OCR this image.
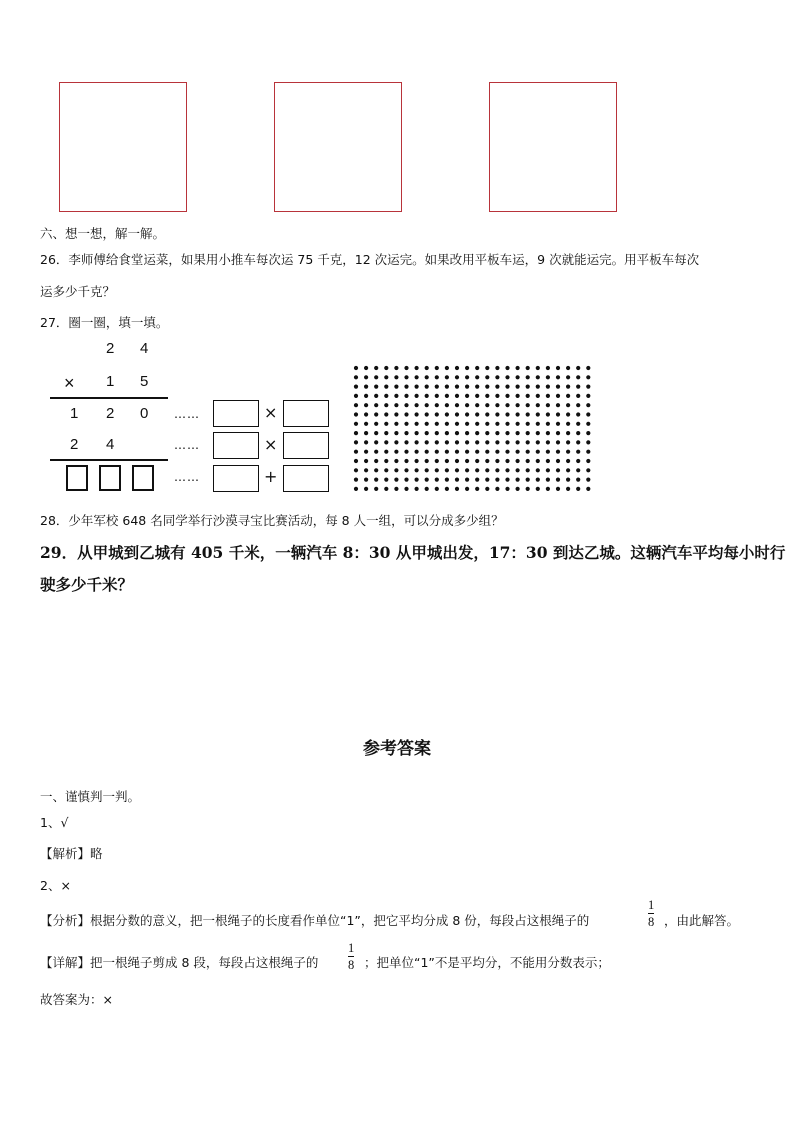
六、想一想，解一解。
26．李师傅给食堂运菜，如果用小推车每次运 75 千克，12 次运完。如果改用平板车运，9 次就能运完。用平板车每次
运多少千克？
27．圈一圈，填一填。
2 4
× 1 5
1 2 0 ……	×
2 4	……	×
……	+
28．少年军校 648 名同学举行沙漠寻宝比赛活动，每 8 人一组，可以分成多少组？
29．从甲城到乙城有 405 千米，一辆汽车 8：30 从甲城出发，17：30 到达乙城。这辆汽车平均每小时行
驶多少千米？
参考答案
一、谨慎判一判。
1、√
【解析】略
2、×
【分析】根据分数的意义，把一根绳子的长度看作单位“1”，把它平均分成 8 份，每段占这根绳子的
1
8 ，由此解答。
【详解】把一根绳子剪成 8 段，每段占这根绳子的
1
8 ；把单位“1”不是平均分，不能用分数表示；
故答案为：×
